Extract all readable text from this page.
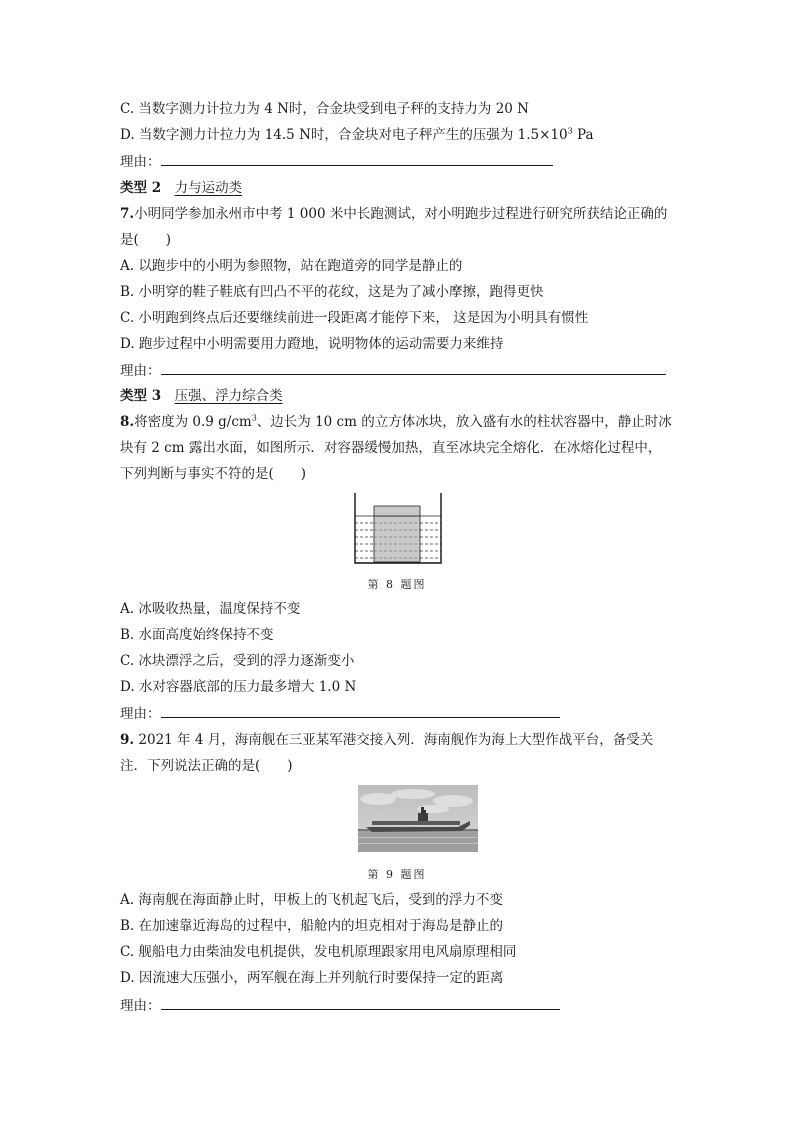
C. 当数字测力计拉力为 4 N时，合金块受到电子秤的支持力为 20 N
D. 当数字测力计拉力为 14.5 N时，合金块对电子秤产生的压强为 $1.5\times 10^3$ Pa
理由：
类型 2　 力与运动类
7.小明同学参加永州市中考 1 000 米中长跑测试，对小明跑步过程进行研究所获结论正确的
是(　　)
A. 以跑步中的小明为参照物，站在跑道旁的同学是静止的
B. 小明穿的鞋子鞋底有凹凸不平的花纹，这是为了减小摩擦，跑得更快
C. 小明跑到终点后还要继续前进一段距离才能停下来， 这是因为小明具有惯性
D. 跑步过程中小明需要用力蹬地，说明物体的运动需要力来维持
理由：
类型 3　 压强、浮力综合类
8.将密度为 0.9 $g/cm^3$、边长为 10 cm 的立方体冰块，放入盛有水的柱状容器中，静止时冰
块有 2 cm 露出水面，如图所示．对容器缓慢加热，直至冰块完全熔化．在冰熔化过程中，
下列判断与事实不符的是(　　)
第 8 题图
A. 冰吸收热量，温度保持不变
B. 水面高度始终保持不变
C. 冰块漂浮之后，受到的浮力逐渐变小
D. 水对容器底部的压力最多增大 1.0 N
理由：
9. 2021 年 4 月，海南舰在三亚某军港交接入列．海南舰作为海上大型作战平台，备受关
注．下列说法正确的是(　　)
第 9 题图
A. 海南舰在海面静止时，甲板上的飞机起飞后，受到的浮力不变
B. 在加速靠近海岛的过程中，船舱内的坦克相对于海岛是静止的
C. 舰船电力由柴油发电机提供，发电机原理跟家用电风扇原理相同
D. 因流速大压强小，两军舰在海上并列航行时要保持一定的距离
理由：
